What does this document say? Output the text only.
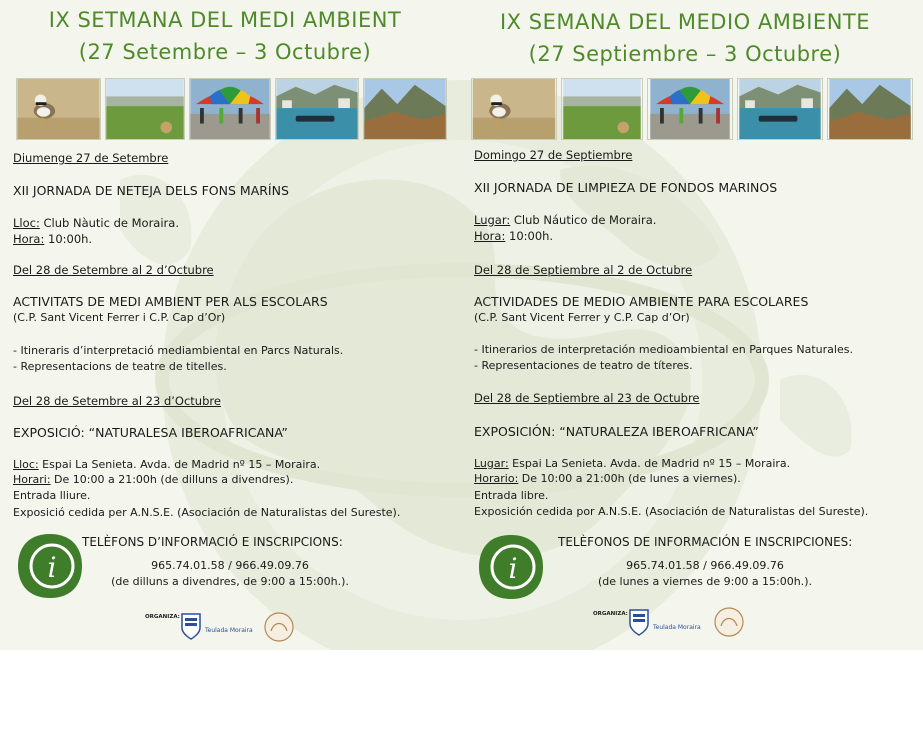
IX SETMANA DEL MEDI AMBIENT
(27 Setembre – 3 Octubre)
Diumenge 27 de Setembre
XII JORNADA DE NETEJA DELS FONS MARÍNS
Lloc: Club Nàutic de Moraira.
Hora: 10:00h.
Del 28 de Setembre al 2 d’Octubre
ACTIVITATS DE MEDI AMBIENT PER ALS ESCOLARS
(C.P. Sant Vicent Ferrer i C.P. Cap d’Or)
- Itineraris d’interpretació mediambiental en Parcs Naturals.
- Representacions de teatre de titelles.
Del 28 de Setembre al 23 d’Octubre
EXPOSICIÓ: “NATURALESA IBEROAFRICANA”
Lloc: Espai La Senieta. Avda. de Madrid nº 15 – Moraira.
Horari: De 10:00 a 21:00h (de dilluns a divendres).
Entrada lliure.
Exposició cedida per A.N.S.E. (Asociación de Naturalistas del Sureste).
i
TELÈFONS D’INFORMACIÓ E INSCRIPCIONS:
965.74.01.58 / 966.49.09.76
(de dilluns a divendres, de 9:00 a 15:00h.).
ORGANIZA:
Teulada Moraira
IX SEMANA DEL MEDIO AMBIENTE
(27 Septiembre – 3 Octubre)
Domingo 27 de Septiembre
XII JORNADA DE LIMPIEZA DE FONDOS MARINOS
Lugar: Club Náutico de Moraira.
Hora: 10:00h.
Del 28 de Septiembre al 2 de Octubre
ACTIVIDADES DE MEDIO AMBIENTE PARA ESCOLARES
(C.P. Sant Vicent Ferrer y C.P. Cap d’Or)
- Itinerarios de interpretación medioambiental en Parques Naturales.
- Representaciones de teatro de títeres.
Del 28 de Septiembre al 23 de Octubre
EXPOSICIÓN: “NATURALEZA IBEROAFRICANA”
Lugar: Espai La Senieta. Avda. de Madrid nº 15 – Moraira.
Horario: De 10:00 a 21:00h (de lunes a viernes).
Entrada libre.
Exposición cedida por A.N.S.E. (Asociación de Naturalistas del Sureste).
i
TELÈFONOS DE INFORMACIÓN E INSCRIPCIONES:
965.74.01.58 / 966.49.09.76
(de lunes a viernes de 9:00 a 15:00h.).
ORGANIZA:
Teulada Moraira
